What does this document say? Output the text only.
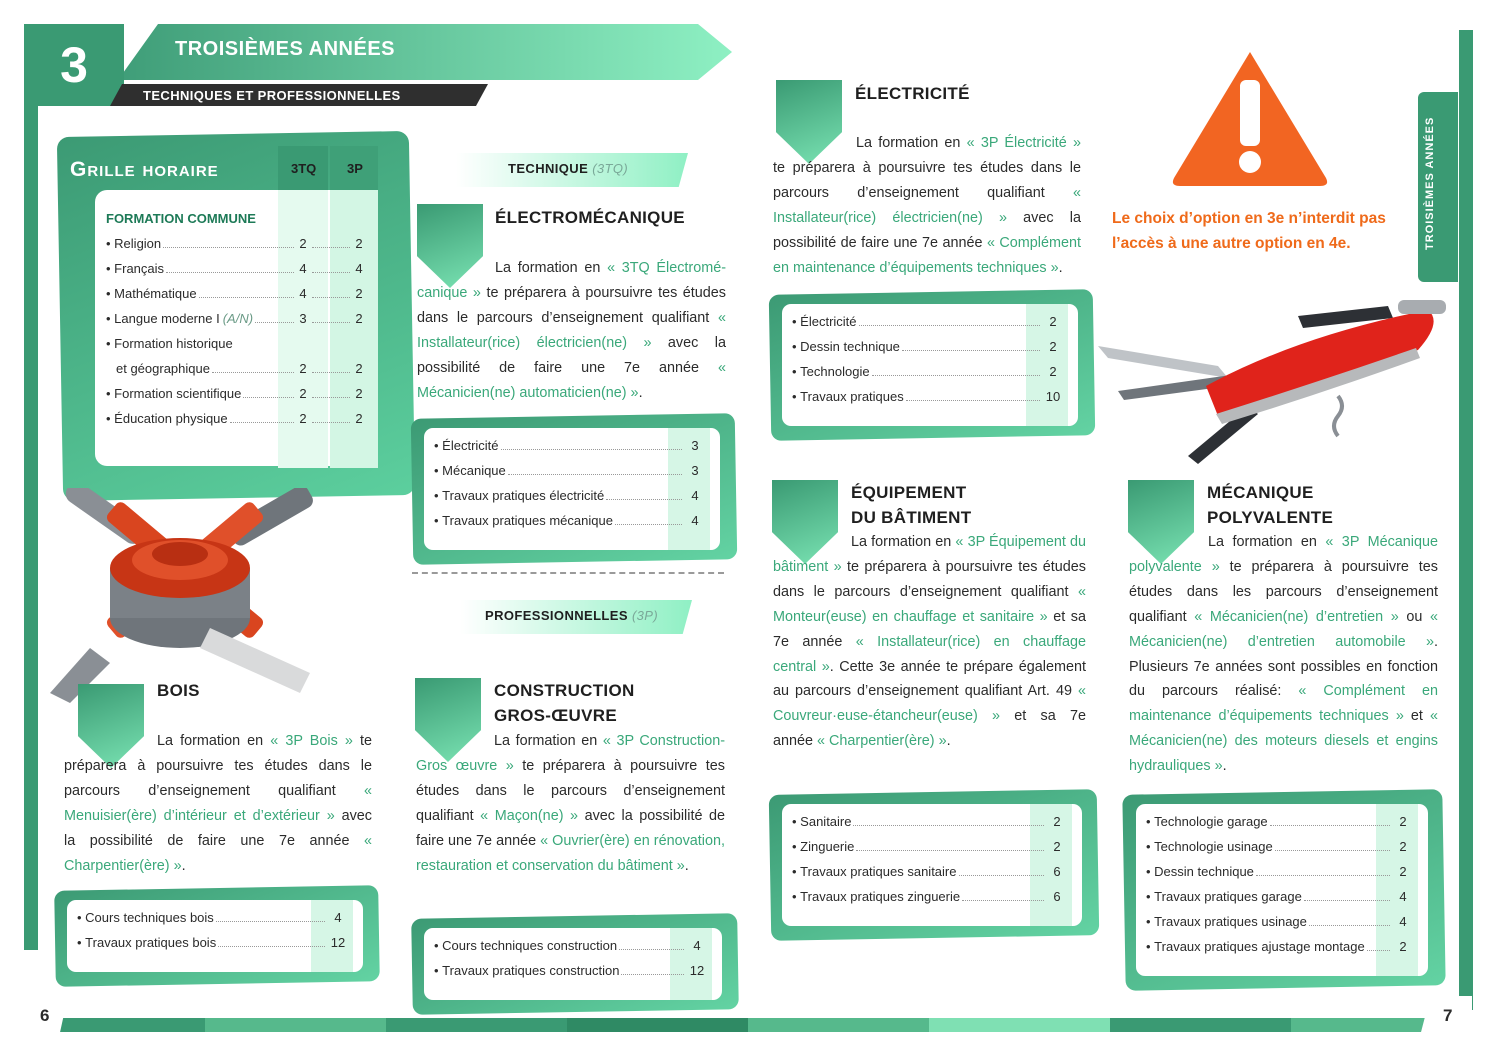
6	7
3	TROISIÈMES ANNÉES
TECHNIQUES ET PROFESSIONNELLES
TROISIÈMES ANNÉES
Grille horaire	3TQ 3P
FORMATION COMMUNE
• Religion	2	2
• Français	4	4
• Mathématique	4	2
• Langue moderne I (A/N)	3	2
• Formation historique
et géographique	2	2
• Formation scientifique	2	2
• Éducation physique	2	2
TECHNIQUE (3TQ)
ÉLECTROMÉCANIQUE
La formation en « 3TQ Électromé-canique » te préparera à poursuivre tes études dans le parcours d’enseignement qualifiant « Installateur(rice) électricien(ne) » avec la possibilité de faire une 7e année « Mécanicien(ne) automaticien(ne) ».
• Électricité	3
• Mécanique	3
• Travaux pratiques électricité	4
• Travaux pratiques mécanique	4
PROFESSIONNELLES (3P)
CONSTRUCTION
GROS-ŒUVRE
La formation en « 3P Construction-Gros œuvre » te préparera à poursuivre tes études dans le parcours d’enseignement qualifiant « Maçon(ne) » avec la possibilité de faire une 7e année « Ouvrier(ère) en rénovation, restauration et conservation du bâtiment ».
• Cours techniques construction	4
• Travaux pratiques construction	12
BOIS
La formation en « 3P Bois » te préparera à poursuivre tes études dans le parcours d’enseignement qualifiant « Menuisier(ère) d’intérieur et d’extérieur » avec la possibilité de faire une 7e année « Charpentier(ère) ».
• Cours techniques bois	4
• Travaux pratiques bois	12
ÉLECTRICITÉ
La formation en « 3P Électricité » te préparera à poursuivre tes études dans le parcours d’enseignement qualifiant « Installateur(rice) électricien(ne) » avec la possibilité de faire une 7e année « Complément en maintenance d’équipements techniques ».
• Électricité	2
• Dessin technique	2
• Technologie	2
• Travaux pratiques	10
Le choix d’option en 3e n’interdit pas l’accès à une autre option en 4e.
ÉQUIPEMENT
DU BÂTIMENT
La formation en « 3P Équipement du bâtiment » te préparera à poursuivre tes études dans le parcours d’enseignement qualifiant « Monteur(euse) en chauffage et sanitaire » et sa 7e année « Installateur(rice) en chauffage central ». Cette 3e année te prépare également au parcours d’enseignement qualifiant Art. 49 « Couvreur·euse-étancheur(euse) » et sa 7e année « Charpentier(ère) ».
• Sanitaire	2
• Zinguerie	2
• Travaux pratiques sanitaire	6
• Travaux pratiques zinguerie	6
MÉCANIQUE
POLYVALENTE
La formation en « 3P Mécanique polyvalente » te préparera à poursuivre tes études dans les parcours d’enseignement qualifiant « Mécanicien(ne) d’entretien » ou « Mécanicien(ne) d’entretien automobile ». Plusieurs 7e années sont possibles en fonction du parcours réalisé: « Complément en maintenance d’équipements techniques » et « Mécanicien(ne) des moteurs diesels et engins hydrauliques ».
• Technologie garage	2
• Technologie usinage	2
• Dessin technique	2
• Travaux pratiques garage	4
• Travaux pratiques usinage	4
• Travaux pratiques ajustage montage	2
